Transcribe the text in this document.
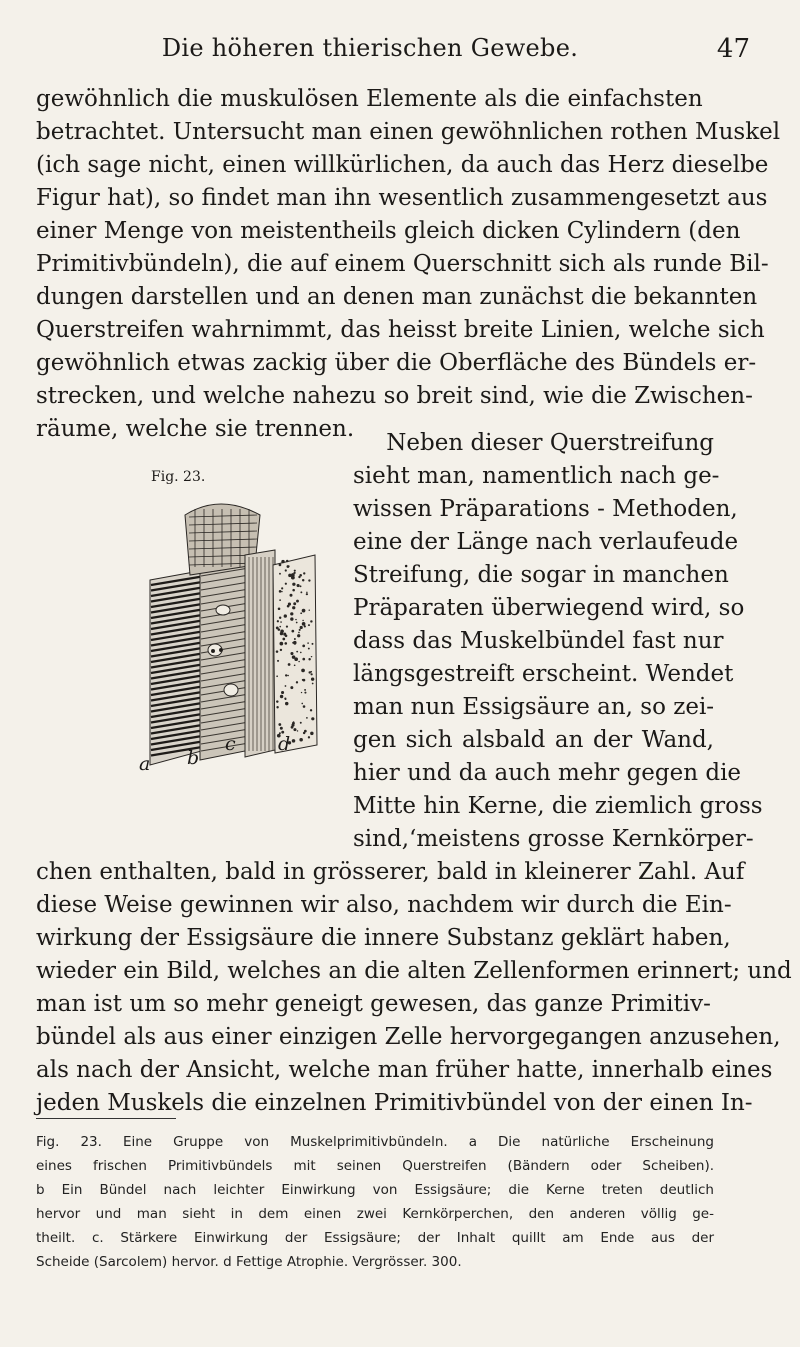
Die höheren thierischen Gewebe.	47
gewöhnlich die muskulösen Elemente als die einfachsten
betrachtet. Untersucht man einen gewöhnlichen rothen Muskel
(ich sage nicht, einen willkürlichen, da auch das Herz dieselbe
Figur hat), so findet man ihn wesentlich zusammengesetzt aus
einer Menge von meistentheils gleich dicken Cylindern (den
Primitivbündeln), die auf einem Querschnitt sich als runde Bil-
dungen darstellen und an denen man zunächst die bekannten
Querstreifen wahrnimmt, das heisst breite Linien, welche sich
gewöhnlich etwas zackig über die Oberfläche des Bündels er-
strecken, und welche nahezu so breit sind, wie die Zwischen-
räume, welche sie trennen.
Fig. 23.
a b
c d
Neben dieser Querstreifung
sieht man, namentlich nach ge-
wissen Präparations - Methoden,
eine der Länge nach verlaufeude
Streifung, die sogar in manchen
Präparaten überwiegend wird, so
dass das Muskelbündel fast nur
längsgestreift erscheint. Wendet
man nun Essigsäure an, so zei-
gen sich alsbald an der Wand,
hier und da auch mehr gegen die
Mitte hin Kerne, die ziemlich gross
sind,ʻmeistens grosse Kernkörper-
chen enthalten, bald in grösserer, bald in kleinerer Zahl. Auf
diese Weise gewinnen wir also, nachdem wir durch die Ein-
wirkung der Essigsäure die innere Substanz geklärt haben,
wieder ein Bild, welches an die alten Zellenformen erinnert; und
man ist um so mehr geneigt gewesen, das ganze Primitiv-
bündel als aus einer einzigen Zelle hervorgegangen anzusehen,
als nach der Ansicht, welche man früher hatte, innerhalb eines
jeden Muskels die einzelnen Primitivbündel von der einen In-
Fig. 23. Eine Gruppe von Muskelprimitivbündeln. a Die natürliche Erscheinung
eines frischen Primitivbündels mit seinen Querstreifen (Bändern oder Scheiben).
b Ein Bündel nach leichter Einwirkung von Essigsäure; die Kerne treten deutlich
hervor und man sieht in dem einen zwei Kernkörperchen, den anderen völlig ge-
theilt. c. Stärkere Einwirkung der Essigsäure; der Inhalt quillt am Ende aus der
Scheide (Sarcolem) hervor. d Fettige Atrophie. Vergrösser. 300.
